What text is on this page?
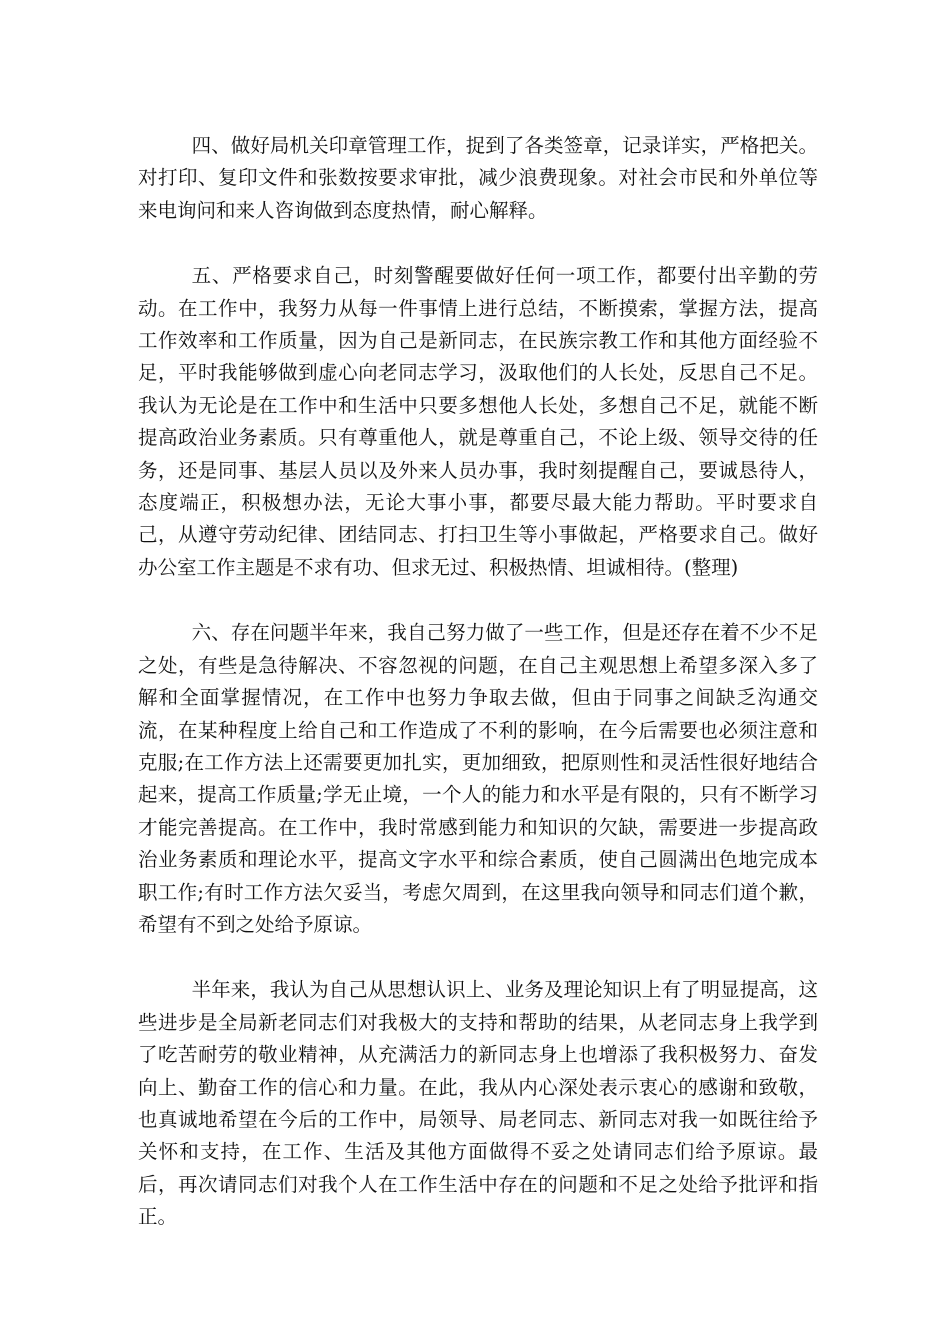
四、做好局机关印章管理工作，捉到了各类签章，记录详实，严格把关。对打印、复印文件和张数按要求审批，减少浪费现象。对社会市民和外单位等来电询问和来人咨询做到态度热情，耐心解释。

五、严格要求自己，时刻警醒要做好任何一项工作，都要付出辛勤的劳动。在工作中，我努力从每一件事情上进行总结，不断摸索，掌握方法，提高工作效率和工作质量，因为自己是新同志，在民族宗教工作和其他方面经验不足，平时我能够做到虚心向老同志学习，汲取他们的人长处，反思自己不足。我认为无论是在工作中和生活中只要多想他人长处，多想自己不足，就能不断提高政治业务素质。只有尊重他人，就是尊重自己，不论上级、领导交待的任务，还是同事、基层人员以及外来人员办事，我时刻提醒自己，要诚恳待人，态度端正，积极想办法，无论大事小事，都要尽最大能力帮助。平时要求自己，从遵守劳动纪律、团结同志、打扫卫生等小事做起，严格要求自己。做好办公室工作主题是不求有功、但求无过、积极热情、坦诚相待。(整理)

六、存在问题半年来，我自己努力做了一些工作，但是还存在着不少不足之处，有些是急待解决、不容忽视的问题，在自己主观思想上希望多深入多了解和全面掌握情况，在工作中也努力争取去做，但由于同事之间缺乏沟通交流，在某种程度上给自己和工作造成了不利的影响，在今后需要也必须注意和克服;在工作方法上还需要更加扎实，更加细致，把原则性和灵活性很好地结合起来，提高工作质量;学无止境，一个人的能力和水平是有限的，只有不断学习才能完善提高。在工作中，我时常感到能力和知识的欠缺，需要进一步提高政治业务素质和理论水平，提高文字水平和综合素质，使自己圆满出色地完成本职工作;有时工作方法欠妥当，考虑欠周到，在这里我向领导和同志们道个歉，希望有不到之处给予原谅。

半年来，我认为自己从思想认识上、业务及理论知识上有了明显提高，这些进步是全局新老同志们对我极大的支持和帮助的结果，从老同志身上我学到了吃苦耐劳的敬业精神，从充满活力的新同志身上也增添了我积极努力、奋发向上、勤奋工作的信心和力量。在此，我从内心深处表示衷心的感谢和致敬，也真诚地希望在今后的工作中，局领导、局老同志、新同志对我一如既往给予关怀和支持，在工作、生活及其他方面做得不妥之处请同志们给予原谅。最后，再次请同志们对我个人在工作生活中存在的问题和不足之处给予批评和指正。
